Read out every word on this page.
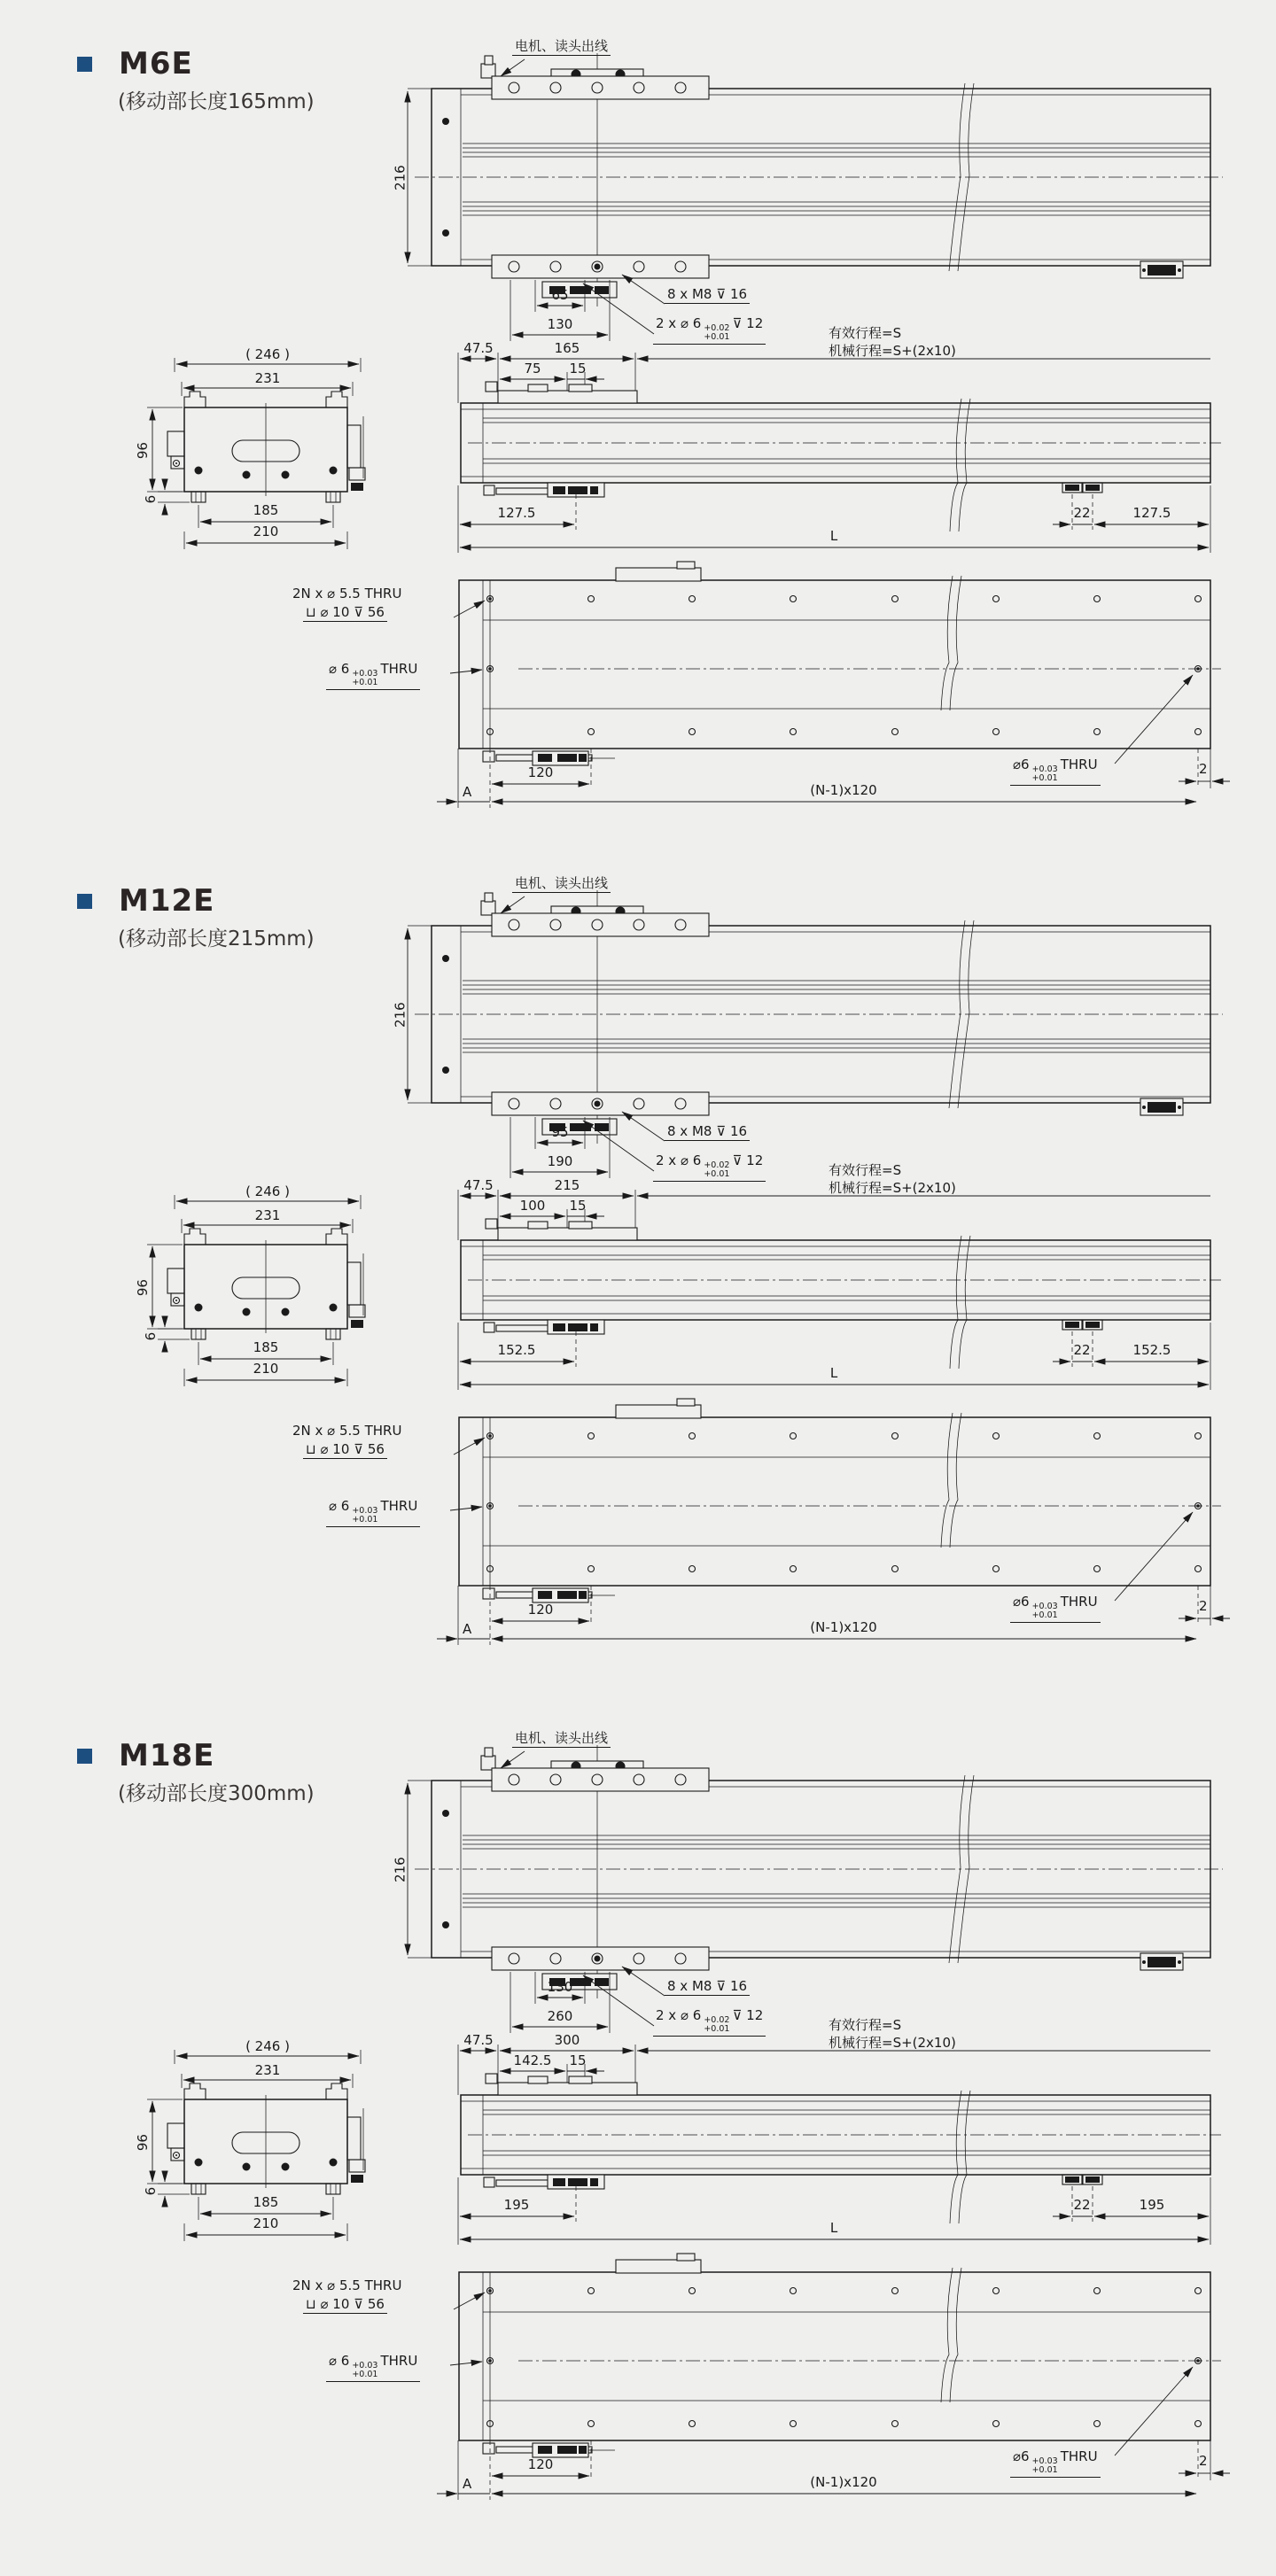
M6E
(移动部长度165mm)
电机、读头出线
216
65
130
8 x M8 ⊽ 16
2 x ⌀ 6 +0.02
+0.01
⊽ 12
( 246 )
231
96
6
185
210
47.5	165
75 15
有效行程=S
机械行程=S+(2x10)
127.5	22	127.5
L
2N x ⌀ 5.5 THRU
⊔ ⌀ 10 ⊽ 56
⌀ 6 +0.03
+0.01
THRU
120
(N-1)x120
A
⌀6 +0.03
+0.01
THRU	2
M12E
(移动部长度215mm)
电机、读头出线
216
95
190
8 x M8 ⊽ 16
2 x ⌀ 6 +0.02
+0.01
⊽ 12
( 246 )
231
96
6
185
210
47.5	215
100 15
有效行程=S
机械行程=S+(2x10)
152.5	22	152.5
L
2N x ⌀ 5.5 THRU
⊔ ⌀ 10 ⊽ 56
⌀ 6 +0.03
+0.01
THRU
120
(N-1)x120
A
⌀6 +0.03
+0.01
THRU	2
M18E
(移动部长度300mm)
电机、读头出线
216
130
260
8 x M8 ⊽ 16
2 x ⌀ 6 +0.02
+0.01
⊽ 12
( 246 )
231
96
6
185
210
47.5	300
142.5 15
有效行程=S
机械行程=S+(2x10)
195	22	195
L
2N x ⌀ 5.5 THRU
⊔ ⌀ 10 ⊽ 56
⌀ 6 +0.03
+0.01
THRU
120
(N-1)x120
A
⌀6 +0.03
+0.01
THRU	2
